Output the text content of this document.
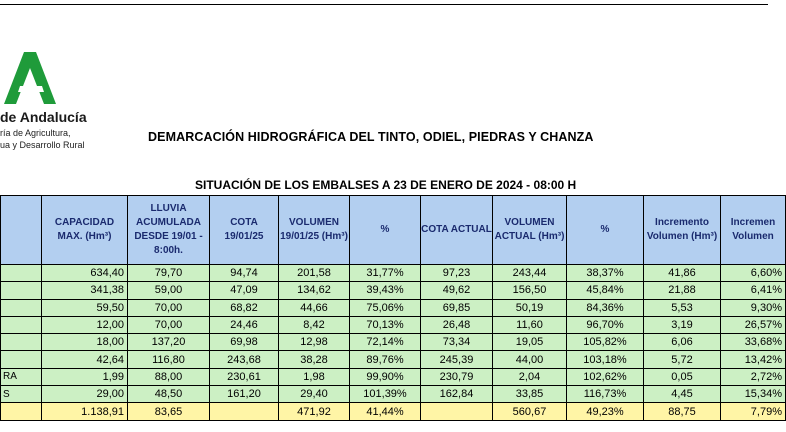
de Andalucía
ría de Agricultura,
ua y Desarrollo Rural
DEMARCACIÓN HIDROGRÁFICA DEL TINTO, ODIEL, PIEDRAS Y CHANZA
SITUACIÓN DE LOS EMBALSES A 23 DE ENERO DE 2024 - 08:00 H
	CAPACIDAD MAX. (Hm³)	LLUVIA ACUMULADA DESDE 19/01 - 8:00h.	COTA 19/01/25	VOLUMEN 19/01/25 (Hm³)	%	COTA ACTUAL	VOLUMEN ACTUAL (Hm³)	%	Incremento Volumen (Hm³)	Incremen Volumen
	634,40	79,70	94,74	201,58	31,77%	97,23	243,44	38,37%	41,86	6,60%
	341,38	59,00	47,09	134,62	39,43%	49,62	156,50	45,84%	21,88	6,41%
	59,50	70,00	68,82	44,66	75,06%	69,85	50,19	84,36%	5,53	9,30%
	12,00	70,00	24,46	8,42	70,13%	26,48	11,60	96,70%	3,19	26,57%
	18,00	137,20	69,98	12,98	72,14%	73,34	19,05	105,82%	6,06	33,68%
	42,64	116,80	243,68	38,28	89,76%	245,39	44,00	103,18%	5,72	13,42%
RA	1,99	88,00	230,61	1,98	99,90%	230,79	2,04	102,62%	0,05	2,72%
S	29,00	48,50	161,20	29,40	101,39%	162,84	33,85	116,73%	4,45	15,34%
	1.138,91	83,65		471,92	41,44%		560,67	49,23%	88,75	7,79%
